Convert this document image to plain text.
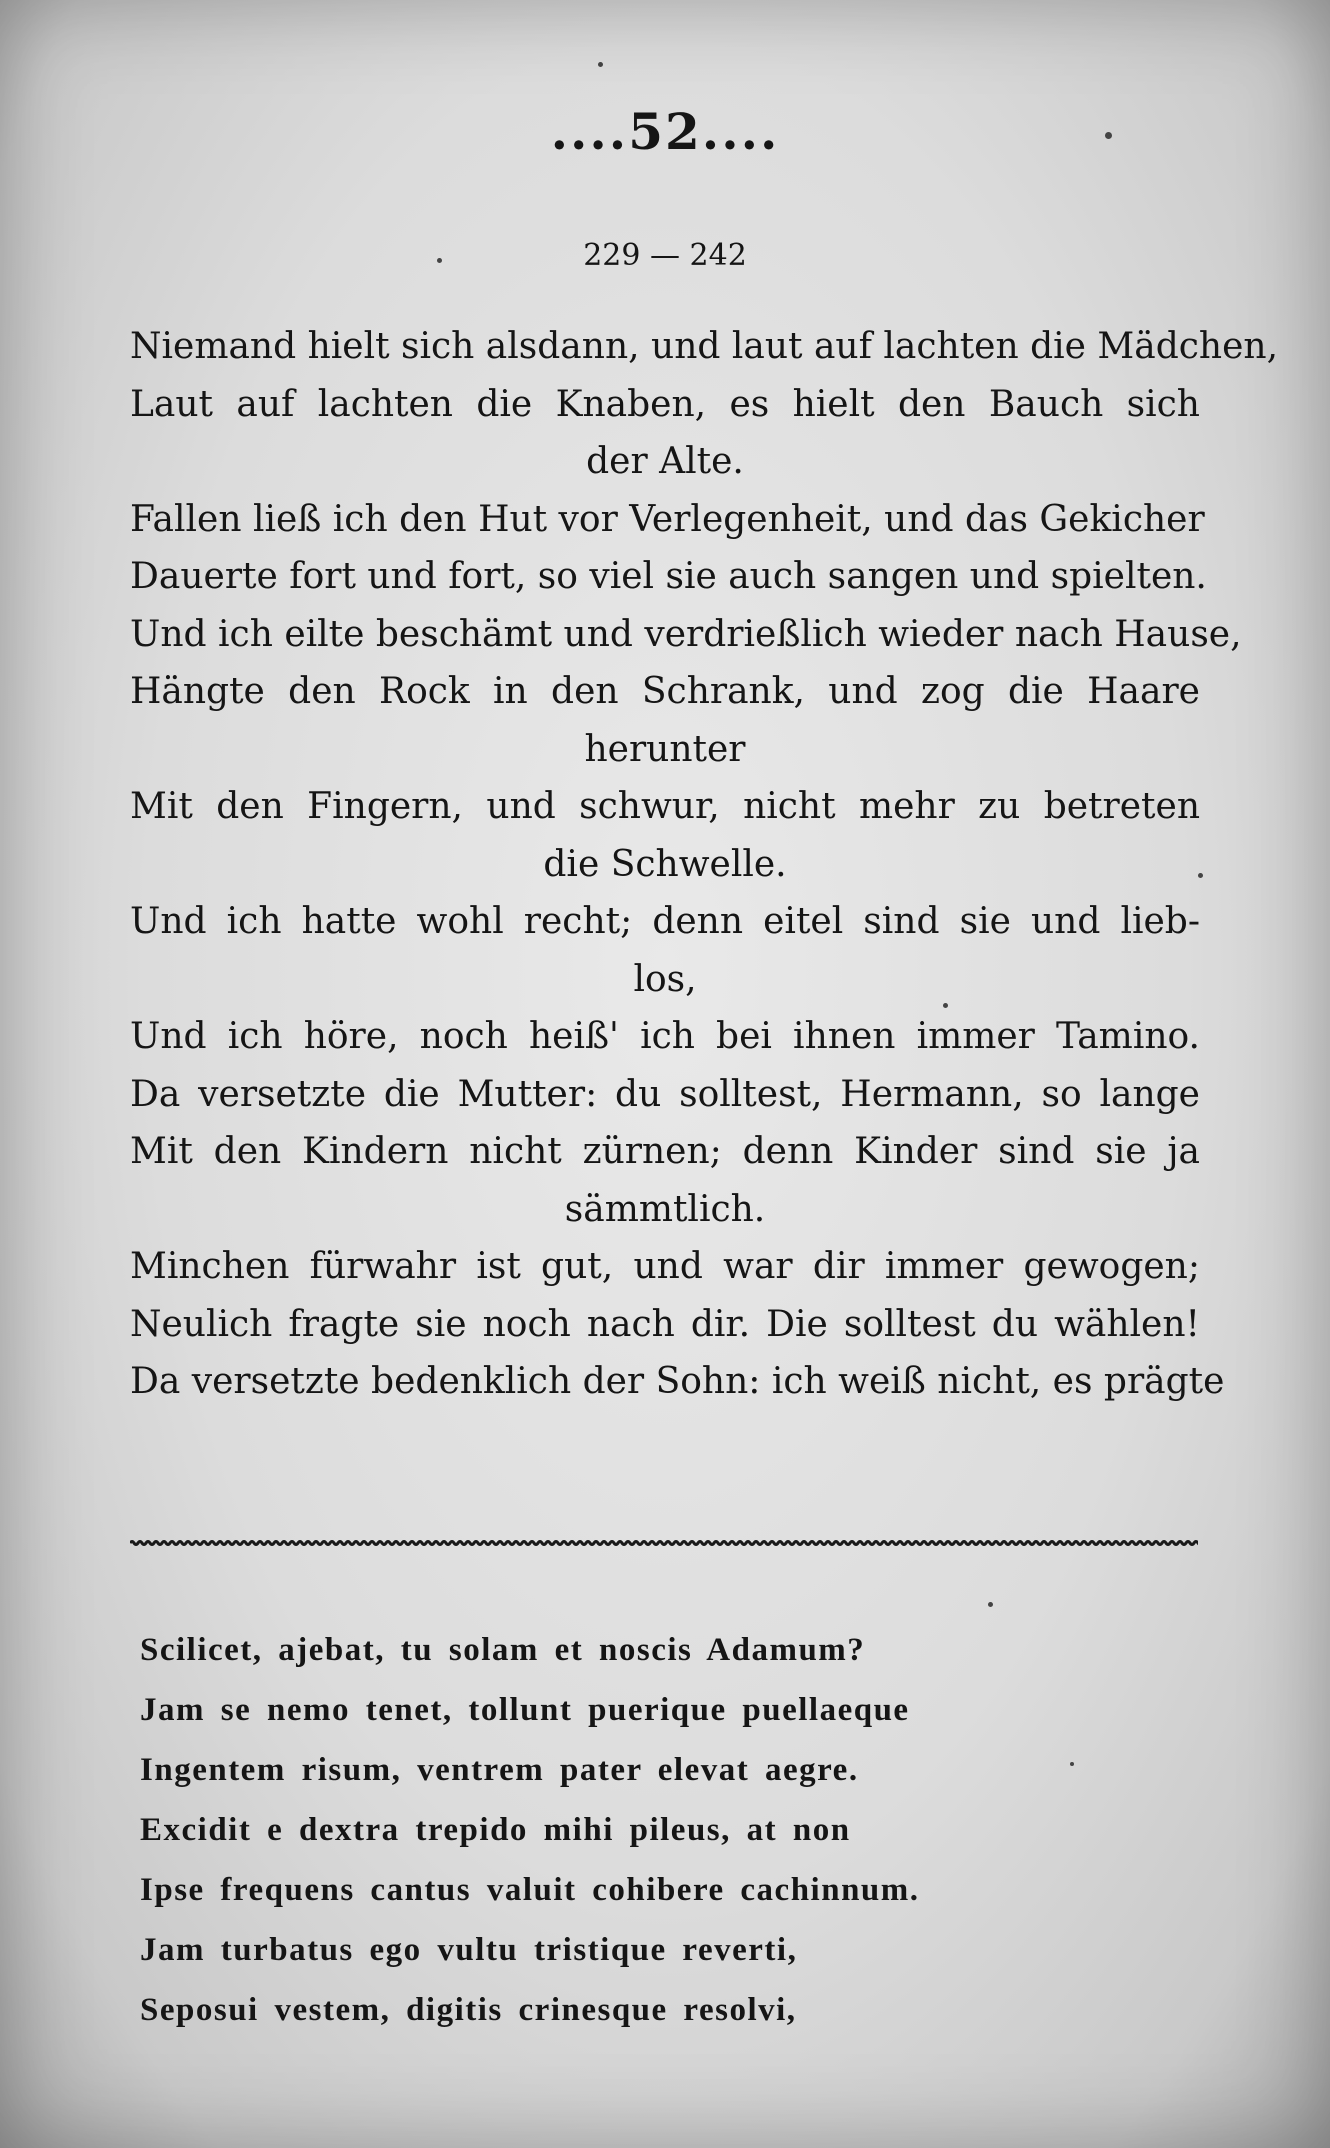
....52....
229 — 242
Niemand hielt sich alsdann, und laut auf lachten die Mädchen,
Laut auf lachten die Knaben, es hielt den Bauch sich
der Alte.
Fallen ließ ich den Hut vor Verlegenheit, und das Gekicher
Dauerte fort und fort, so viel sie auch sangen und spielten.
Und ich eilte beschämt und verdrießlich wieder nach Hause,
Hängte den Rock in den Schrank, und zog die Haare
herunter
Mit den Fingern, und schwur, nicht mehr zu betreten
die Schwelle.
Und ich hatte wohl recht; denn eitel sind sie und lieb-
los,
Und ich höre, noch heiß' ich bei ihnen immer Tamino.
Da versetzte die Mutter: du solltest, Hermann, so lange
Mit den Kindern nicht zürnen; denn Kinder sind sie ja
sämmtlich.
Minchen fürwahr ist gut, und war dir immer gewogen;
Neulich fragte sie noch nach dir. Die solltest du wählen!
Da versetzte bedenklich der Sohn: ich weiß nicht, es prägte
Scilicet, ajebat, tu solam et noscis Adamum?
Jam se nemo tenet, tollunt puerique puellaeque
Ingentem risum, ventrem pater elevat aegre.
Excidit e dextra trepido mihi pileus, at non
Ipse frequens cantus valuit cohibere cachinnum.
Jam turbatus ego vultu tristique reverti,
Seposui vestem, digitis crinesque resolvi,
